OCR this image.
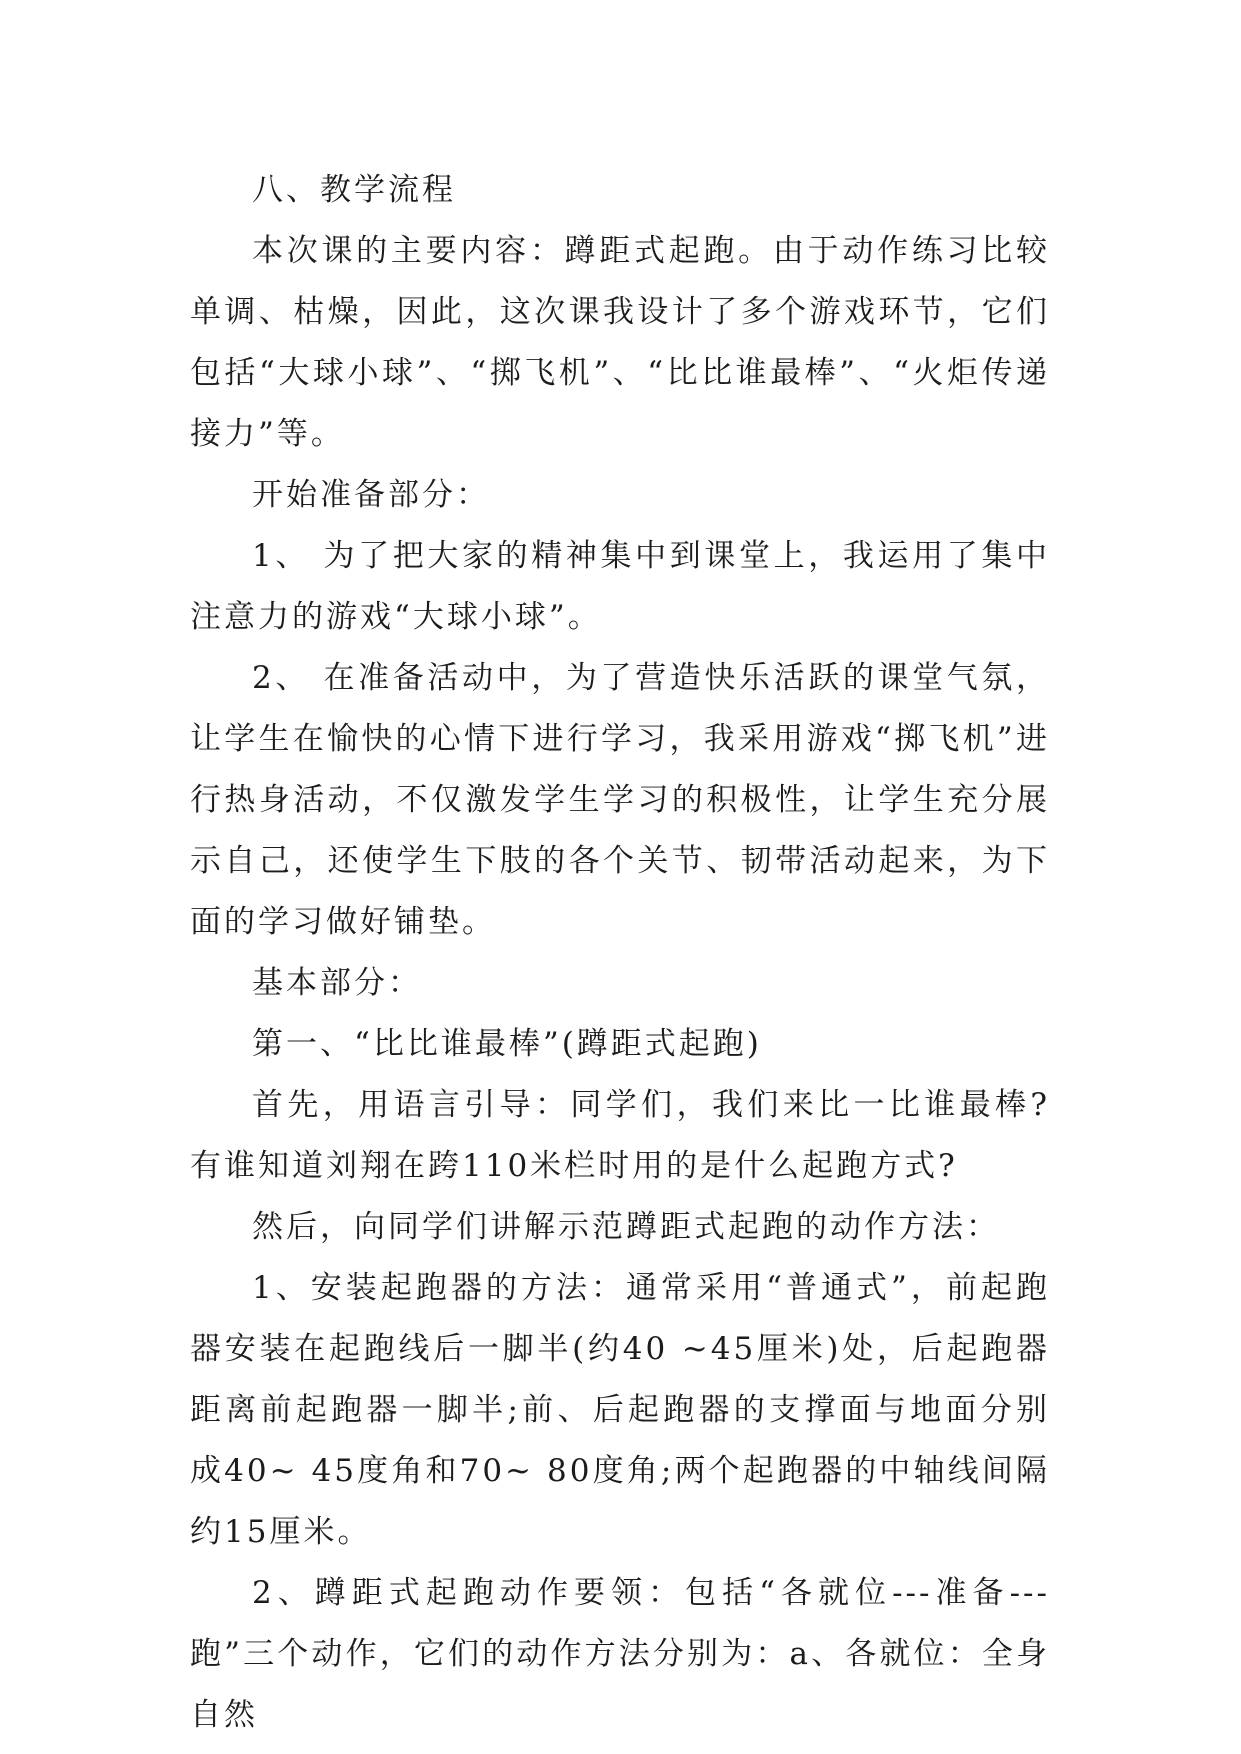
八、教学流程

本次课的主要内容：蹲距式起跑。由于动作练习比较单调、枯燥，因此，这次课我设计了多个游戏环节，它们包括“大球小球”、“掷飞机”、“比比谁最棒”、“火炬传递接力”等。

开始准备部分：

1、 为了把大家的精神集中到课堂上，我运用了集中注意力的游戏“大球小球”。

2、 在准备活动中，为了营造快乐活跃的课堂气氛，让学生在愉快的心情下进行学习，我采用游戏“掷飞机”进行热身活动，不仅激发学生学习的积极性，让学生充分展示自己，还使学生下肢的各个关节、韧带活动起来，为下面的学习做好铺垫。

基本部分：

第一、“比比谁最棒”(蹲距式起跑)

首先，用语言引导：同学们，我们来比一比谁最棒?有谁知道刘翔在跨110米栏时用的是什么起跑方式?

然后，向同学们讲解示范蹲距式起跑的动作方法：

1、安装起跑器的方法：通常采用“普通式”，前起跑器安装在起跑线后一脚半(约40 ~45厘米)处，后起跑器距离前起跑器一脚半;前、后起跑器的支撑面与地面分别成40~ 45度角和70~ 80度角;两个起跑器的中轴线间隔约15厘米。

2、蹲距式起跑动作要领：包括“各就位---准备---跑”三个动作，它们的动作方法分别为：a、各就位：全身自然
